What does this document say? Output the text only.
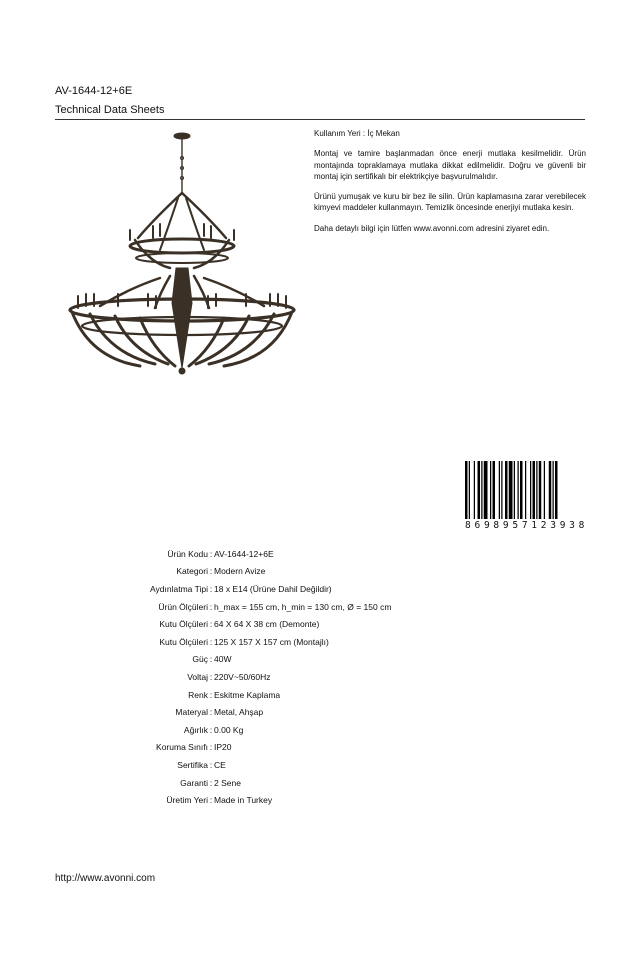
AV-1644-12+6E
Technical Data Sheets

Kullanım Yeri : İç Mekan

Montaj ve tamire başlanmadan önce enerji mutlaka kesilmelidir. Ürün montajında topraklamaya mutlaka dikkat edilmelidir. Doğru ve güvenli bir montaj için sertifikalı bir elektrikçiye başvurulmalıdır.

Ürünü yumuşak ve kuru bir bez ile silin. Ürün kaplamasına zarar verebilecek kimyevi maddeler kullanmayın. Temizlik öncesinde enerjiyi mutlaka kesin.

Daha detaylı bilgi için lütfen www.avonni.com adresini ziyaret edin.

8 6 9 8 9 5 7 1 2 3 9 3 8
Ürün Kodu : AV-1644-12+6E
Kategori : Modern Avize
Aydınlatma Tipi : 18 x E14 (Ürüne Dahil Değildir)
Ürün Ölçüleri : h_max = 155 cm, h_min = 130 cm, Ø = 150 cm
Kutu Ölçüleri : 64 X 64 X 38 cm (Demonte)
Kutu Ölçüleri : 125 X 157 X 157 cm (Montajlı)
Güç : 40W
Voltaj : 220V~50/60Hz
Renk : Eskitme Kaplama
Materyal : Metal, Ahşap
Ağırlık : 0.00 Kg
Koruma Sınıfı : IP20
Sertifika : CE
Garanti : 2 Sene
Üretim Yeri : Made in Turkey
http://www.avonni.com
